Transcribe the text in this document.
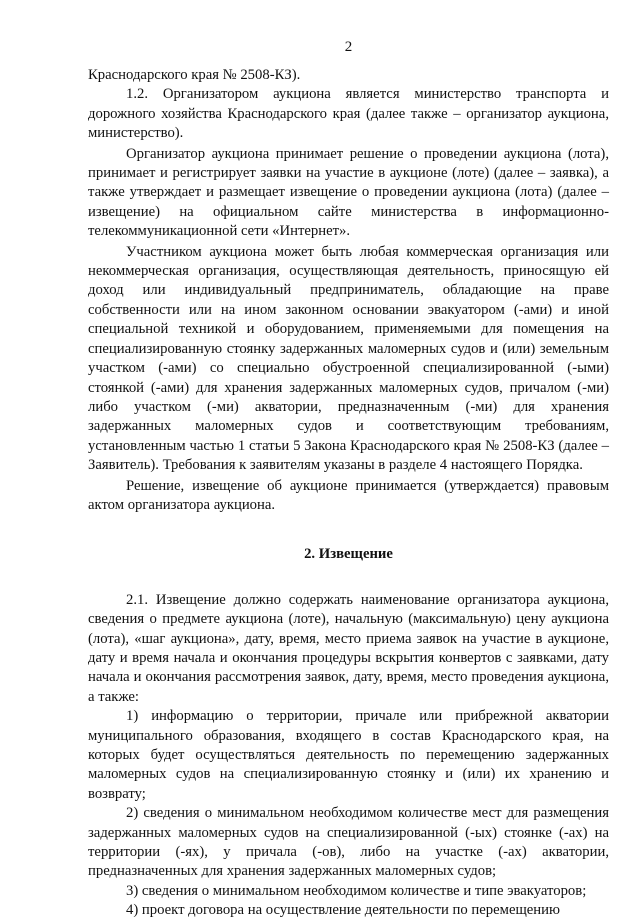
2

Краснодарского края № 2508-КЗ).

1.2. Организатором аукциона является министерство транспорта и дорожного хозяйства Краснодарского края (далее также – организатор аукциона, министерство).

Организатор аукциона принимает решение о проведении аукциона (лота), принимает и регистрирует заявки на участие в аукционе (лоте) (далее – заявка), а также утверждает и размещает извещение о проведении аукциона (лота) (далее – извещение) на официальном сайте министерства в информационно-телекоммуникационной сети «Интернет».

Участником аукциона может быть любая коммерческая организация или некоммерческая организация, осуществляющая деятельность, приносящую ей доход или индивидуальный предприниматель, обладающие на праве собственности или на ином законном основании эвакуатором (-ами) и иной специальной техникой и оборудованием, применяемыми для помещения на специализированную стоянку задержанных маломерных судов и (или) земельным участком (-ами) со специально обустроенной специализированной (-ыми) стоянкой (-ами) для хранения задержанных маломерных судов, причалом (-ми) либо участком (-ми) акватории, предназначенным (-ми) для хранения задержанных маломерных судов и соответствующим требованиям, установленным частью 1 статьи 5 Закона Краснодарского края № 2508-КЗ (далее – Заявитель). Требования к заявителям указаны в разделе 4 настоящего Порядка.

Решение, извещение об аукционе принимается (утверждается) правовым актом организатора аукциона.

2. Извещение

2.1. Извещение должно содержать наименование организатора аукциона, сведения о предмете аукциона (лоте), начальную (максимальную) цену аукциона (лота), «шаг аукциона», дату, время, место приема заявок на участие в аукционе, дату и время начала и окончания процедуры вскрытия конвертов с заявками, дату начала и окончания рассмотрения заявок, дату, время, место проведения аукциона, а также:

1) информацию о территории, причале или прибрежной акватории муниципального образования, входящего в состав Краснодарского края, на которых будет осуществляться деятельность по перемещению задержанных маломерных судов на специализированную стоянку и (или) их хранению и возврату;

2) сведения о минимальном необходимом количестве мест для размещения задержанных маломерных судов на специализированной (-ых) стоянке (-ах) на территории (-ях), у причала (-ов), либо на участке (-ах) акватории, предназначенных для хранения задержанных маломерных судов;

3) сведения о минимальном необходимом количестве и типе эвакуаторов;

4) проект договора на осуществление деятельности по перемещению
